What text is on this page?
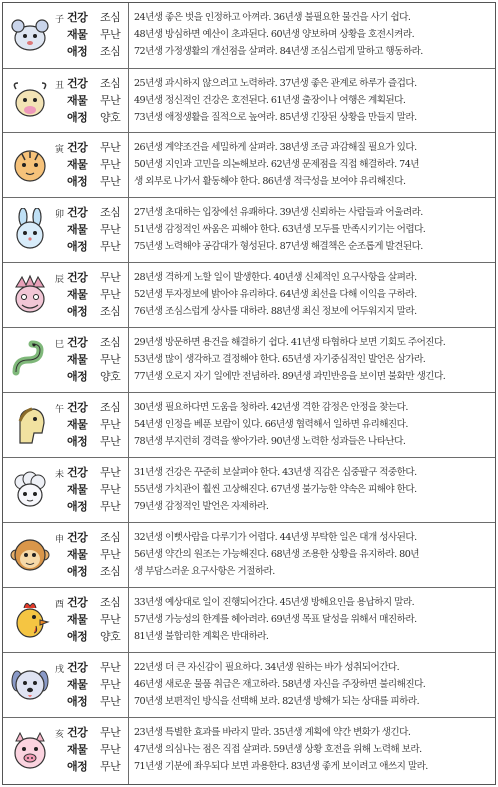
子 건강	조심
재물	무난
애정	조심
24년생 좋은 벗을 인정하고 아껴라. 36년생 불필요한 물건을 사기 쉽다.
48년생 방심하면 예산이 초과된다. 60년생 양보하며 상황을 호전시켜라.
72년생 가정생활의 개선점을 살펴라. 84년생 조심스럽게 말하고 행동하라.
丑 건강	조심
재물	무난
애정	양호
25년생 과시하지 않으려고 노력하라. 37년생 좋은 관계로 하루가 즐겁다.
49년생 정신적인 건강은 호전된다. 61년생 출장이나 여행은 계획된다.
73년생 애정생활을 질적으로 높여라. 85년생 긴장된 상황을 만들지 말라.
寅 건강	무난
재물	무난
애정	무난
26년생 계약조건을 세밀하게 살펴라. 38년생 조금 과감해질 필요가 있다.
50년생 지인과 고민을 의논해보라. 62년생 문제점을 직접 해결하라. 74년
생 외부로 나가서 활동해야 한다. 86년생 적극성을 보여야 유리해진다.
卯 건강	조심
재물	무난
애정	무난
27년생 초대하는 입장에선 유쾌하다. 39년생 신뢰하는 사람들과 어울려라.
51년생 감정적인 싸움은 피해야 한다. 63년생 모두를 만족시키기는 어렵다.
75년생 노력해야 공감대가 형성된다. 87년생 해결책은 순조롭게 발견된다.
辰 건강	무난
재물	무난
애정	조심
28년생 격하게 노할 일이 발생한다. 40년생 신체적인 요구사항을 살펴라.
52년생 투자정보에 밝아야 유리하다. 64년생 최선을 다해 이익을 구하라.
76년생 조심스럽게 상사를 대하라. 88년생 최신 정보에 어두워지지 말라.
巳 건강	조심
재물	무난
애정	양호
29년생 방문하면 용건을 해결하기 쉽다. 41년생 타협하다 보면 기회도 주어진다.
53년생 많이 생각하고 결정해야 한다. 65년생 자기중심적인 발언은 삼가라.
77년생 오로지 자기 일에만 전념하라. 89년생 과민반응을 보이면 불화만 생긴다.
午 건강	조심
재물	무난
애정	무난
30년생 필요하다면 도움을 청하라. 42년생 격한 감정은 안정을 찾는다.
54년생 인정을 베푼 보람이 있다. 66년생 협력해서 일하면 유리해진다.
78년생 부지런히 경력을 쌓아가라. 90년생 노력한 성과들은 나타난다.
未 건강	무난
재물	무난
애정	무난
31년생 건강은 꾸준히 보살펴야 한다. 43년생 직감은 십중팔구 적중한다.
55년생 가치관이 훨씬 고상해진다. 67년생 불가능한 약속은 피해야 한다.
79년생 감정적인 발언은 자제하라.
申 건강	조심
재물	무난
애정	조심
32년생 이뻣사람을 다루기가 어렵다. 44년생 부탁한 일은 대개 성사된다.
56년생 약간의 원조는 가능해진다. 68년생 조용한 상황을 유지하라. 80년
생 부담스러운 요구사항은 거절하라.
酉 건강	조심
재물	무난
애정	양호
33년생 예상대로 일이 진행되어간다. 45년생 방해요인을 용납하지 말라.
57년생 가능성의 한계를 헤아려라. 69년생 목표 달성을 위해서 매진하라.
81년생 불합리한 계획은 반대하라.
戌 건강	무난
재물	무난
애정	무난
22년생 더 큰 자신감이 필요하다. 34년생 원하는 바가 성취되어간다.
46년생 새로운 물품 취급은 재고하라. 58년생 자신을 주장하면 불리해진다.
70년생 보편적인 방식을 선택해 보라. 82년생 방해가 되는 상대를 피하라.
亥 건강	무난
재물	무난
애정	무난
23년생 특별한 효과를 바라지 말라. 35년생 계획에 약간 변화가 생긴다.
47년생 의심나는 점은 직접 살펴라. 59년생 상황 호전을 위해 노력해 보라.
71년생 기분에 좌우되다 보면 과용한다. 83년생 좋게 보이려고 애쓰지 말라.
